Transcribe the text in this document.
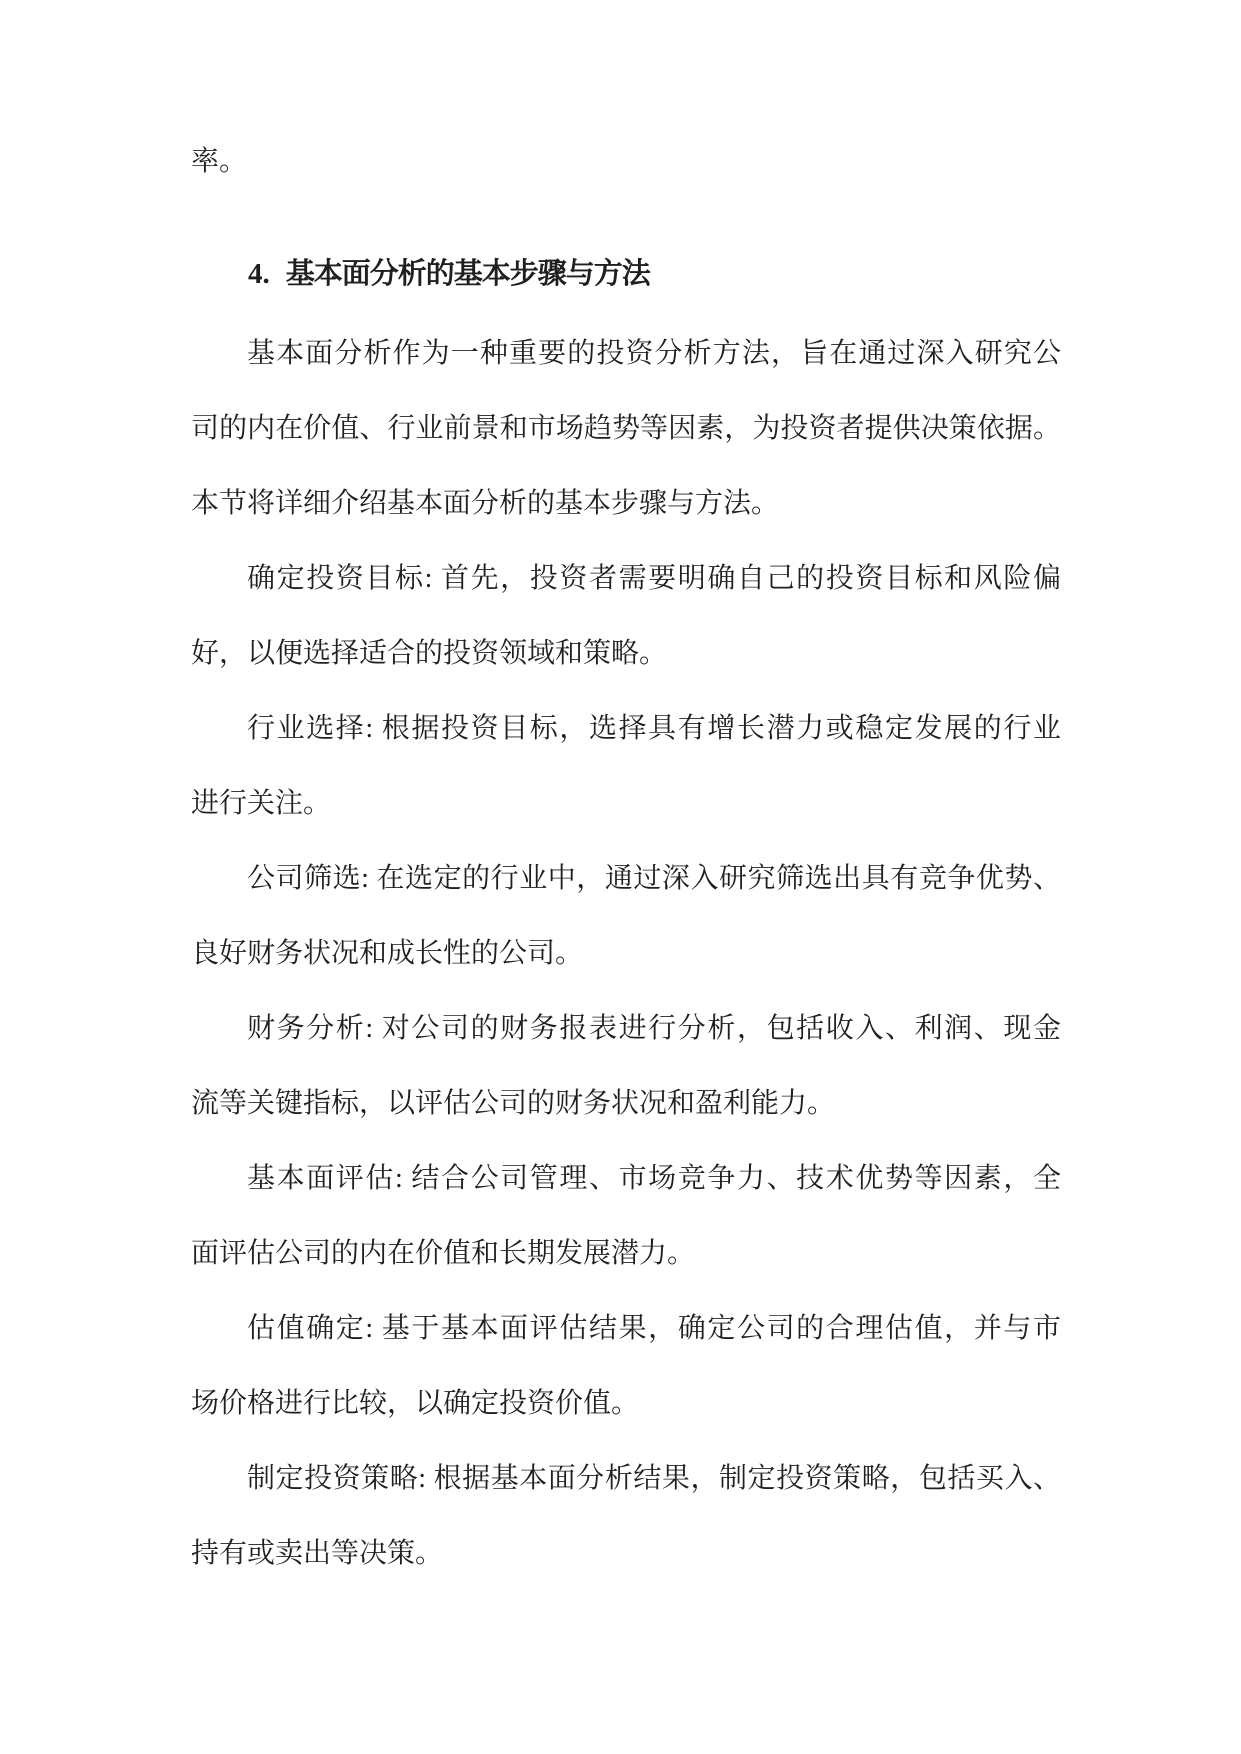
率。
4. 基本面分析的基本步骤与方法
基本面分析作为一种重要的投资分析方法，旨在通过深入研究公
司的内在价值、行业前景和市场趋势等因素，为投资者提供决策依据。
本节将详细介绍基本面分析的基本步骤与方法。
确定投资目标: 首先，投资者需要明确自己的投资目标和风险偏
好，以便选择适合的投资领域和策略。
行业选择: 根据投资目标，选择具有增长潜力或稳定发展的行业
进行关注。
公司筛选: 在选定的行业中，通过深入研究筛选出具有竞争优势、
良好财务状况和成长性的公司。
财务分析: 对公司的财务报表进行分析，包括收入、利润、现金
流等关键指标，以评估公司的财务状况和盈利能力。
基本面评估: 结合公司管理、市场竞争力、技术优势等因素，全
面评估公司的内在价值和长期发展潜力。
估值确定: 基于基本面评估结果，确定公司的合理估值，并与市
场价格进行比较，以确定投资价值。
制定投资策略: 根据基本面分析结果，制定投资策略，包括买入、
持有或卖出等决策。
